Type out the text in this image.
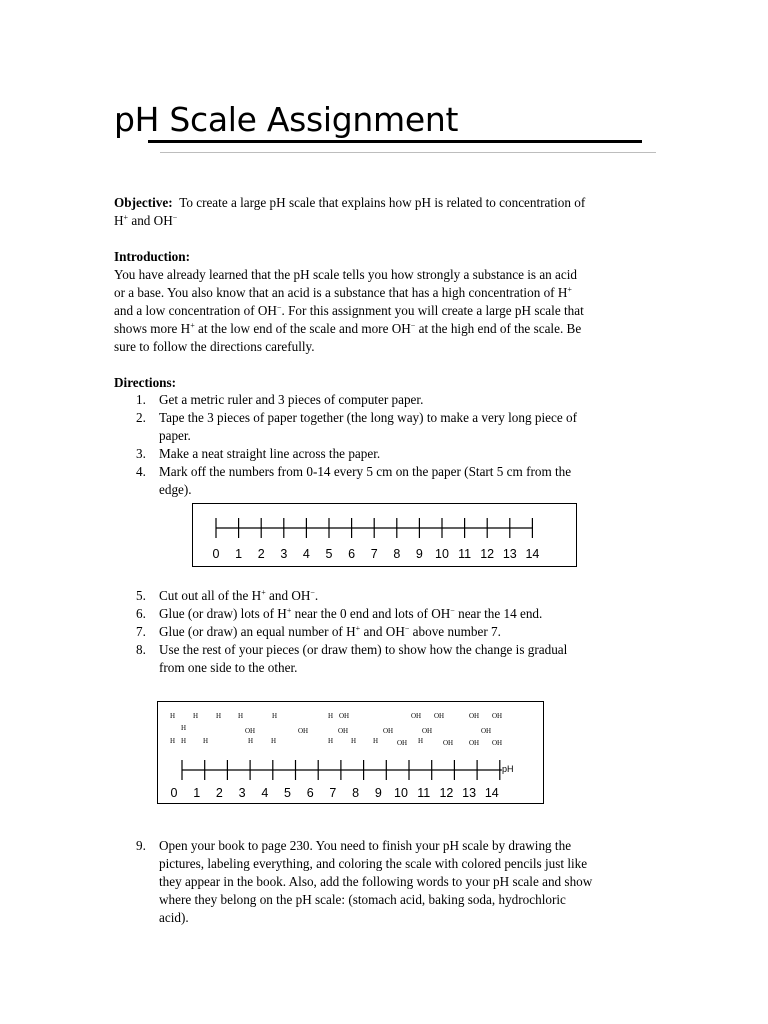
pH Scale Assignment
Objective: To create a large pH scale that explains how pH is related to concentration of
H+ and OH−
Introduction:
You have already learned that the pH scale tells you how strongly a substance is an acid
or a base. You also know that an acid is a substance that has a high concentration of H+
and a low concentration of OH−. For this assignment you will create a large pH scale that
shows more H+ at the low end of the scale and more OH− at the high end of the scale. Be
sure to follow the directions carefully.
Directions:
1. Get a metric ruler and 3 pieces of computer paper.
2. Tape the 3 pieces of paper together (the long way) to make a very long piece of
paper.
3. Make a neat straight line across the paper.
4. Mark off the numbers from 0-14 every 5 cm on the paper (Start 5 cm from the
edge).
0 1 2 3 4 5 6 7 8 9 10 11 12 13 14
5. Cut out all of the H+ and OH−.
6. Glue (or draw) lots of H+ near the 0 end and lots of OH− near the 14 end.
7. Glue (or draw) an equal number of H+ and OH− above number 7.
8. Use the rest of your pieces (or draw them) to show how the change is gradual
from one side to the other.
0 1 2 3 4 5 6 7 8 9 10 11 12 13 14
pH
H	H	H H	H	H OH	OH OH	OH OH
H	OH	OH	OH	OH	OH	OH
H H H	H	H	H	H H	OH H	OH OH OH
9. Open your book to page 230. You need to finish your pH scale by drawing the
pictures, labeling everything, and coloring the scale with colored pencils just like
they appear in the book. Also, add the following words to your pH scale and show
where they belong on the pH scale: (stomach acid, baking soda, hydrochloric
acid).
